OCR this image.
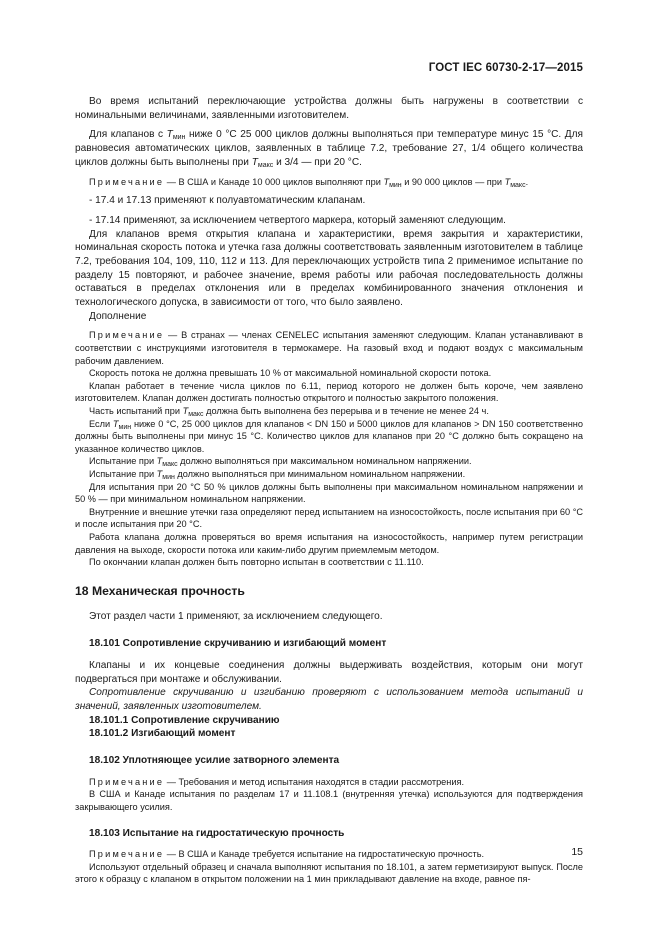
ГОСТ IEC 60730-2-17—2015

Во время испытаний переключающие устройства должны быть нагружены в соответствии с номинальными величинами, заявленными изготовителем.

Для клапанов с $T_{мин}$ ниже 0 °C 25 000 циклов должны выполняться при температуре минус 15 °C. Для равновесия автоматических циклов, заявленных в таблице 7.2, требование 27, 1/4 общего количества циклов должны быть выполнены при $T_{макс}$ и 3/4 — при 20 °C.

Примечание — В США и Канаде 10 000 циклов выполняют при $T_{мин}$ и 90 000 циклов — при $T_{макс}$.

- 17.4 и 17.13 применяют к полуавтоматическим клапанам.

- 17.14 применяют, за исключением четвертого маркера, который заменяют следующим.

Для клапанов время открытия клапана и характеристики, время закрытия и характеристики, номинальная скорость потока и утечка газа должны соответствовать заявленным изготовителем в таблице 7.2, требования 104, 109, 110, 112 и 113. Для переключающих устройств типа 2 применимое испытание по разделу 15 повторяют, и рабочее значение, время работы или рабочая последовательность должны оставаться в пределах отклонения или в пределах комбинированного значения отклонения и технологического допуска, в зависимости от того, что было заявлено.

Дополнение

Примечание — В странах — членах CENELEC испытания заменяют следующим. Клапан устанавливают в соответствии с инструкциями изготовителя в термокамере. На газовый вход и подают воздух с максимальным рабочим давлением.

Скорость потока не должна превышать 10 % от максимальной номинальной скорости потока.

Клапан работает в течение числа циклов по 6.11, период которого не должен быть короче, чем заявлено изготовителем. Клапан должен достигать полностью открытого и полностью закрытого положения.

Часть испытаний при $T_{макс}$ должна быть выполнена без перерыва и в течение не менее 24 ч.

Если $T_{мин}$ ниже 0 °C, 25 000 циклов для клапанов < DN 150 и 5000 циклов для клапанов > DN 150 соответственно должны быть выполнены при минус 15 °C. Количество циклов для клапанов при 20 °C должно быть сокращено на указанное количество циклов.

Испытание при $T_{макс}$ должно выполняться при максимальном номинальном напряжении.

Испытание при $T_{мин}$ должно выполняться при минимальном номинальном напряжении.

Для испытания при 20 °C 50 % циклов должны быть выполнены при максимальном номинальном напряжении и 50 % — при минимальном номинальном напряжении.

Внутренние и внешние утечки газа определяют перед испытанием на износостойкость, после испытания при 60 °C и после испытания при 20 °C.

Работа клапана должна проверяться во время испытания на износостойкость, например путем регистрации давления на выходе, скорости потока или каким-либо другим приемлемым методом.

По окончании клапан должен быть повторно испытан в соответствии с 11.110.

18 Механическая прочность

Этот раздел части 1 применяют, за исключением следующего.

18.101 Сопротивление скручиванию и изгибающий момент

Клапаны и их концевые соединения должны выдерживать воздействия, которым они могут подвергаться при монтаже и обслуживании.

Сопротивление скручиванию и изгибанию проверяют с использованием метода испытаний и значений, заявленных изготовителем.

18.101.1 Сопротивление скручиванию

18.101.2 Изгибающий момент

18.102 Уплотняющее усилие затворного элемента

Примечание — Требования и метод испытания находятся в стадии рассмотрения.

В США и Канаде испытания по разделам 17 и 11.108.1 (внутренняя утечка) используются для подтверждения закрывающего усилия.

18.103 Испытание на гидростатическую прочность

Примечание — В США и Канаде требуется испытание на гидростатическую прочность.

Используют отдельный образец и сначала выполняют испытания по 18.101, а затем герметизируют выпуск. После этого к образцу с клапаном в открытом положении на 1 мин прикладывают давление на входе, равное пя-

15
